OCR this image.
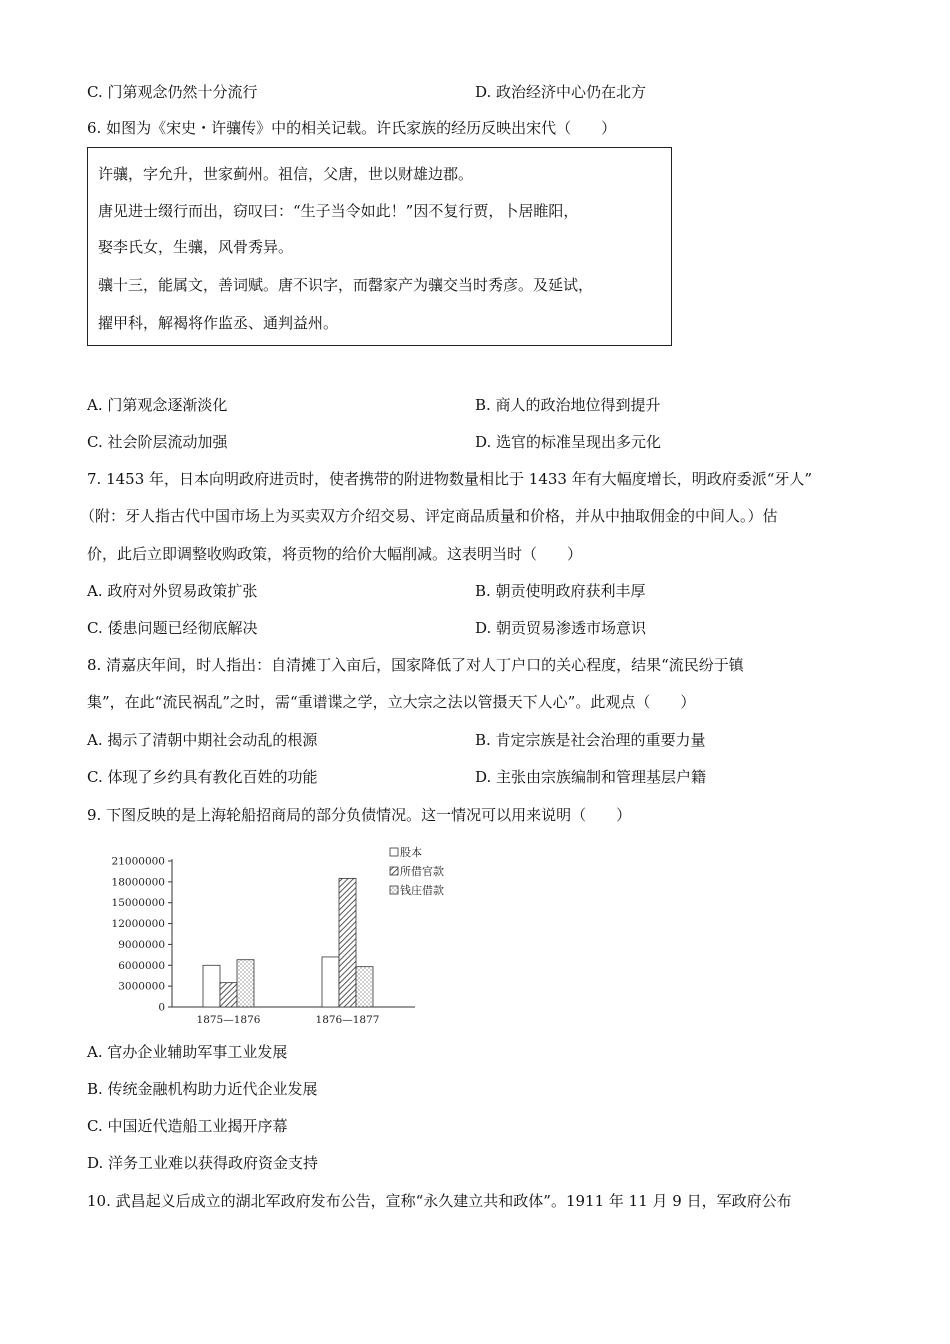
C. 门第观念仍然十分流行	D. 政治经济中心仍在北方
6. 如图为《宋史・许骧传》中的相关记载。许氏家族的经历反映出宋代（　　）
许骧，字允升，世家蓟州。祖信，父唐，世以财雄边郡。
唐见进士缀行而出，窃叹曰：“生子当令如此！”因不复行贾，卜居睢阳，
娶李氏女，生骧，风骨秀异。
骧十三，能属文，善词赋。唐不识字，而罄家产为骧交当时秀彦。及延试，
擢甲科，解褐将作监丞、通判益州。
A. 门第观念逐渐淡化	B. 商人的政治地位得到提升
C. 社会阶层流动加强	D. 选官的标准呈现出多元化
7. 1453 年，日本向明政府进贡时，使者携带的附进物数量相比于 1433 年有大幅度增长，明政府委派“牙人”
（附：牙人指古代中国市场上为买卖双方介绍交易、评定商品质量和价格，并从中抽取佣金的中间人。）估
价，此后立即调整收购政策，将贡物的给价大幅削减。这表明当时（　　）
A. 政府对外贸易政策扩张	B. 朝贡使明政府获利丰厚
C. 倭患问题已经彻底解决	D. 朝贡贸易渗透市场意识
8. 清嘉庆年间，时人指出：自清摊丁入亩后，国家降低了对人丁户口的关心程度，结果“流民纷于镇
集”，在此“流民祸乱”之时，需“重谱谍之学，立大宗之法以管摄天下人心”。此观点（　　）
A. 揭示了清朝中期社会动乱的根源	B. 肯定宗族是社会治理的重要力量
C. 体现了乡约具有教化百姓的功能	D. 主张由宗族编制和管理基层户籍
9. 下图反映的是上海轮船招商局的部分负债情况。这一情况可以用来说明（　　）
21000000
18000000
15000000
12000000
9000000
6000000
3000000
0
1875—1876	1876—1877
股本
所借官款
钱庄借款
A. 官办企业辅助军事工业发展
B. 传统金融机构助力近代企业发展
C. 中国近代造船工业揭开序幕
D. 洋务工业难以获得政府资金支持
10. 武昌起义后成立的湖北军政府发布公告，宣称“永久建立共和政体”。1911 年 11 月 9 日，军政府公布
